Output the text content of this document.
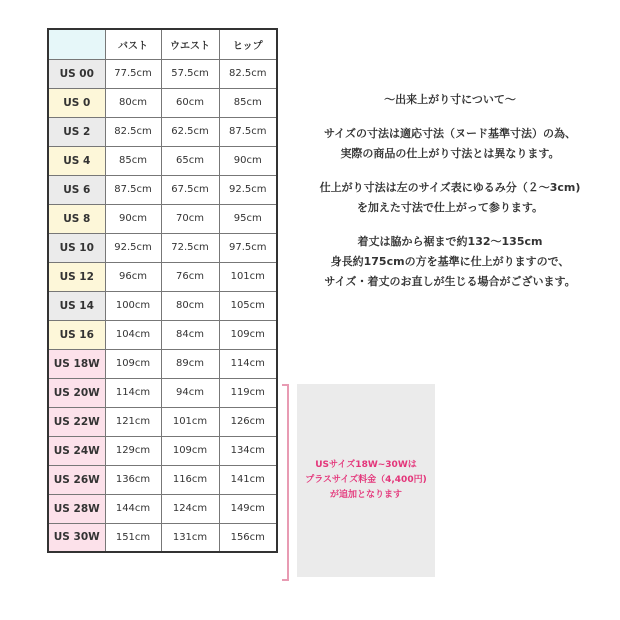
	バスト	ウエスト	ヒップ
US 00	77.5cm	57.5cm	82.5cm
US 0	80cm	60cm	85cm
US 2	82.5cm	62.5cm	87.5cm
US 4	85cm	65cm	90cm
US 6	87.5cm	67.5cm	92.5cm
US 8	90cm	70cm	95cm
US 10	92.5cm	72.5cm	97.5cm
US 12	96cm	76cm	101cm
US 14	100cm	80cm	105cm
US 16	104cm	84cm	109cm
US 18W	109cm	89cm	114cm
US 20W	114cm	94cm	119cm
US 22W	121cm	101cm	126cm
US 24W	129cm	109cm	134cm
US 26W	136cm	116cm	141cm
US 28W	144cm	124cm	149cm
US 30W	151cm	131cm	156cm
～出来上がり寸について～
サイズの寸法は適応寸法（ヌード基準寸法）の為、
実際の商品の仕上がり寸法とは異なります。
仕上がり寸法は左のサイズ表にゆるみ分（２～3cm)
を加えた寸法で仕上がって参ります。
着丈は脇から裾まで約132～135cm
身長約175cmの方を基準に仕上がりますので、
サイズ・着丈のお直しが生じる場合がございます。
USサイズ18W~30Wは
プラスサイズ料金（4,400円)
が追加となります
